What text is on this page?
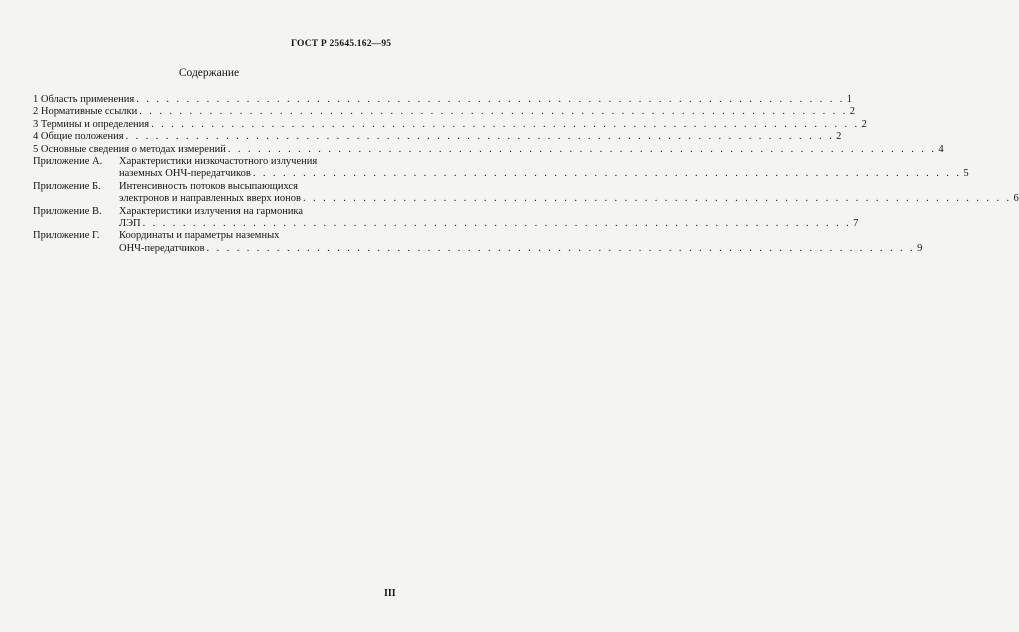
ГОСТ Р 25645.162—95
Содержание
1 Область применения . . .	1
2 Нормативные ссылки . . .	2
3 Термины и определения . . .	2
4 Общие положения . . .	2
5 Основные сведения о методах измерений . . .	4
Приложение А.	Характеристики низкочастотного излучения
наземных ОНЧ-передатчиков . . .	5
Приложение Б.	Интенсивность потоков высыпающихся
электронов и направленных вверх ионов . . .	6
Приложение В.	Характеристики излучения на гармоника
ЛЭП . . .	7
Приложение Г.	Координаты и параметры наземных
ОНЧ-передатчиков . . .	9
III
